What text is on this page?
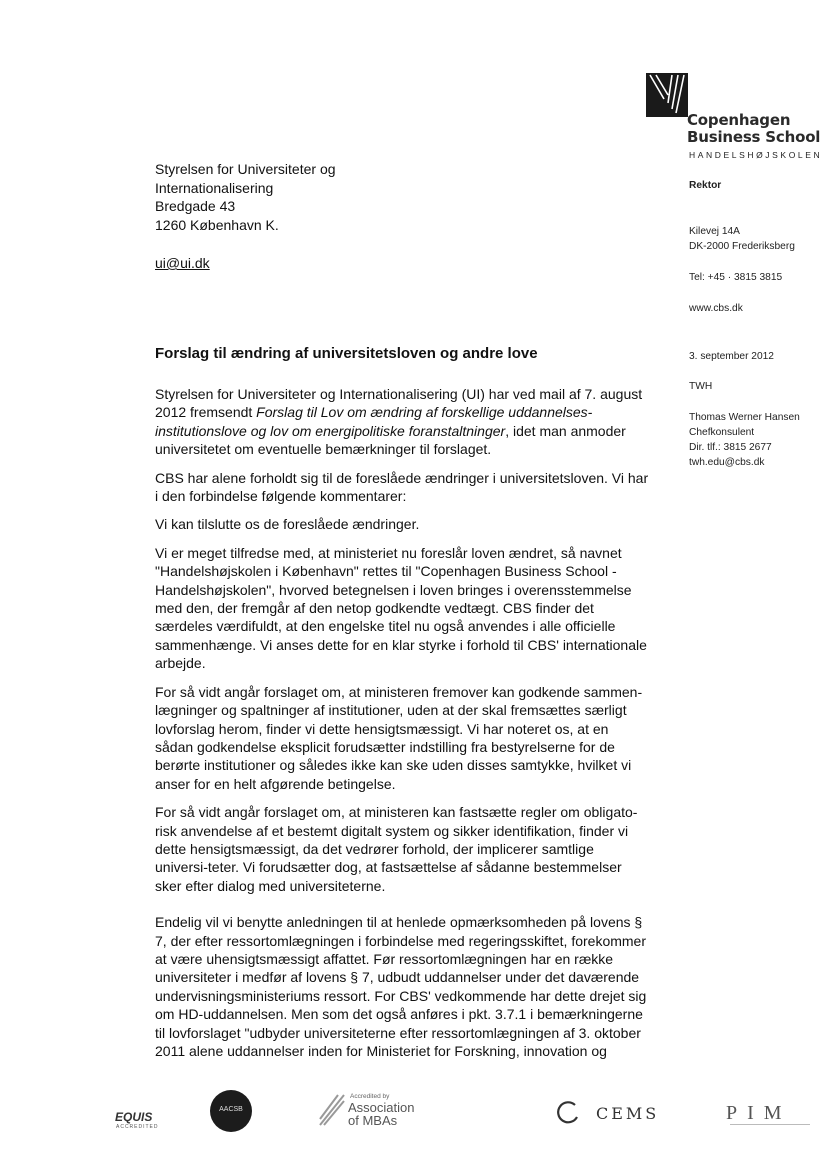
Copenhagen
Business School
HANDELSHØJSKOLEN
Styrelsen for Universiteter og
Internationalisering
Bredgade 43
1260 København K.
ui@ui.dk
Rektor
Kilevej 14A
DK-2000 Frederiksberg
Tel: +45 · 3815 3815
www.cbs.dk
3. september 2012
TWH
Thomas Werner Hansen
Chefkonsulent
Dir. tlf.: 3815 2677
twh.edu@cbs.dk
Forslag til ændring af universitetsloven og andre love

Styrelsen for Universiteter og Internationalisering (UI) har ved mail af 7. august 2012 fremsendt Forslag til Lov om ændring af forskellige uddannelses-institutionslove og lov om energipolitiske foranstaltninger, idet man anmoder universitetet om eventuelle bemærkninger til forslaget.

CBS har alene forholdt sig til de foreslåede ændringer i universitetsloven. Vi har i den forbindelse følgende kommentarer:

Vi kan tilslutte os de foreslåede ændringer.

Vi er meget tilfredse med, at ministeriet nu foreslår loven ændret, så navnet "Handelshøjskolen i København" rettes til "Copenhagen Business School - Handelshøjskolen", hvorved betegnelsen i loven bringes i overensstemmelse med den, der fremgår af den netop godkendte vedtægt. CBS finder det særdeles værdifuldt, at den engelske titel nu også anvendes i alle officielle sammenhænge. Vi anses dette for en klar styrke i forhold til CBS' internationale arbejde.

For så vidt angår forslaget om, at ministeren fremover kan godkende sammen-lægninger og spaltninger af institutioner, uden at der skal fremsættes særligt lovforslag herom, finder vi dette hensigtsmæssigt. Vi har noteret os, at en sådan godkendelse eksplicit forudsætter indstilling fra bestyrelserne for de berørte institutioner og således ikke kan ske uden disses samtykke, hvilket vi anser for en helt afgørende betingelse.

For så vidt angår forslaget om, at ministeren kan fastsætte regler om obligato-risk anvendelse af et bestemt digitalt system og sikker identifikation, finder vi dette hensigtsmæssigt, da det vedrører forhold, der implicerer samtlige universi-teter. Vi forudsætter dog, at fastsættelse af sådanne bestemmelser sker efter dialog med universiteterne.

Endelig vil vi benytte anledningen til at henlede opmærksomheden på lovens § 7, der efter ressortomlægningen i forbindelse med regeringsskiftet, forekommer at være uhensigtsmæssigt affattet. Før ressortomlægningen har en række universiteter i medfør af lovens § 7, udbudt uddannelser under det daværende undervisningsministeriums ressort. For CBS' vedkommende har dette drejet sig om HD-uddannelsen. Men som det også anføres i pkt. 3.7.1 i bemærkningerne til lovforslaget "udbyder universiteterne efter ressortomlægningen af 3. oktober 2011 alene uddannelser inden for Ministeriet for Forskning, innovation og

EQUIS
ACCREDITED
AACSB
Accredited by
Association
of MBAs	CEMS	PIM
